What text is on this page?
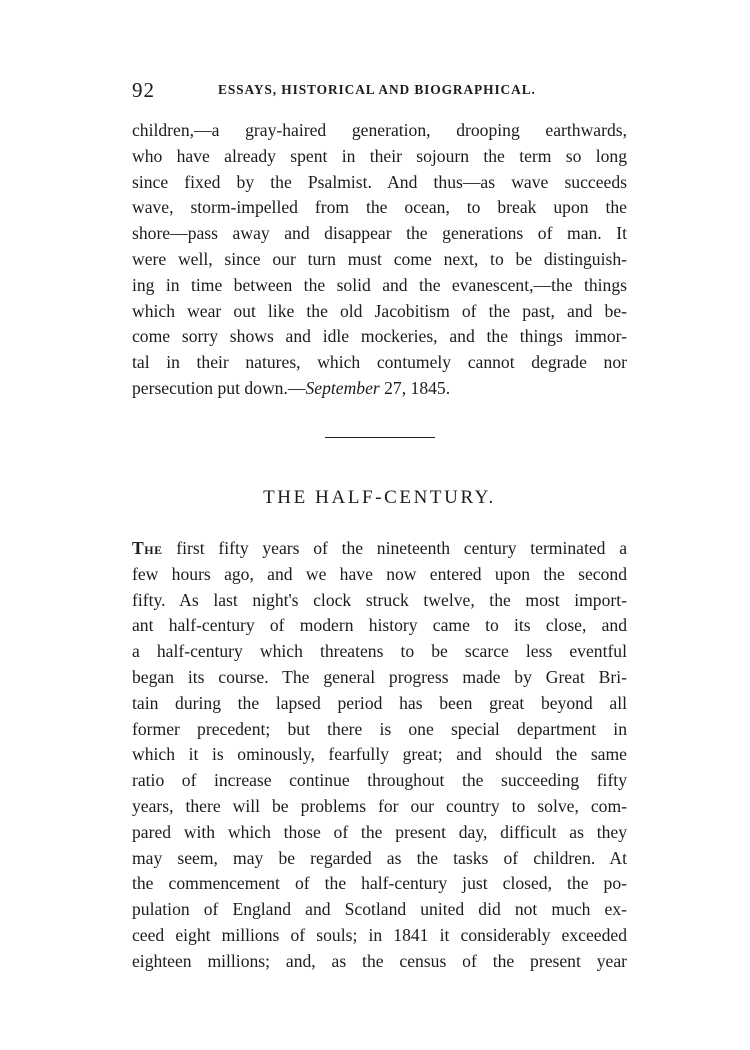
92	ESSAYS, HISTORICAL AND BIOGRAPHICAL.
children,—a gray-haired generation, drooping earthwards,
who have already spent in their sojourn the term so long
since fixed by the Psalmist. And thus—as wave succeeds
wave, storm-impelled from the ocean, to break upon the
shore—pass away and disappear the generations of man. It
were well, since our turn must come next, to be distinguish-
ing in time between the solid and the evanescent,—the things
which wear out like the old Jacobitism of the past, and be-
come sorry shows and idle mockeries, and the things immor-
tal in their natures, which contumely cannot degrade nor
persecution put down.—September 27, 1845.
THE HALF-CENTURY.
The first fifty years of the nineteenth century terminated a
few hours ago, and we have now entered upon the second
fifty. As last night's clock struck twelve, the most import-
ant half-century of modern history came to its close, and
a half-century which threatens to be scarce less eventful
began its course. The general progress made by Great Bri-
tain during the lapsed period has been great beyond all
former precedent; but there is one special department in
which it is ominously, fearfully great; and should the same
ratio of increase continue throughout the succeeding fifty
years, there will be problems for our country to solve, com-
pared with which those of the present day, difficult as they
may seem, may be regarded as the tasks of children. At
the commencement of the half-century just closed, the po-
pulation of England and Scotland united did not much ex-
ceed eight millions of souls; in 1841 it considerably exceeded
eighteen millions; and, as the census of the present year
